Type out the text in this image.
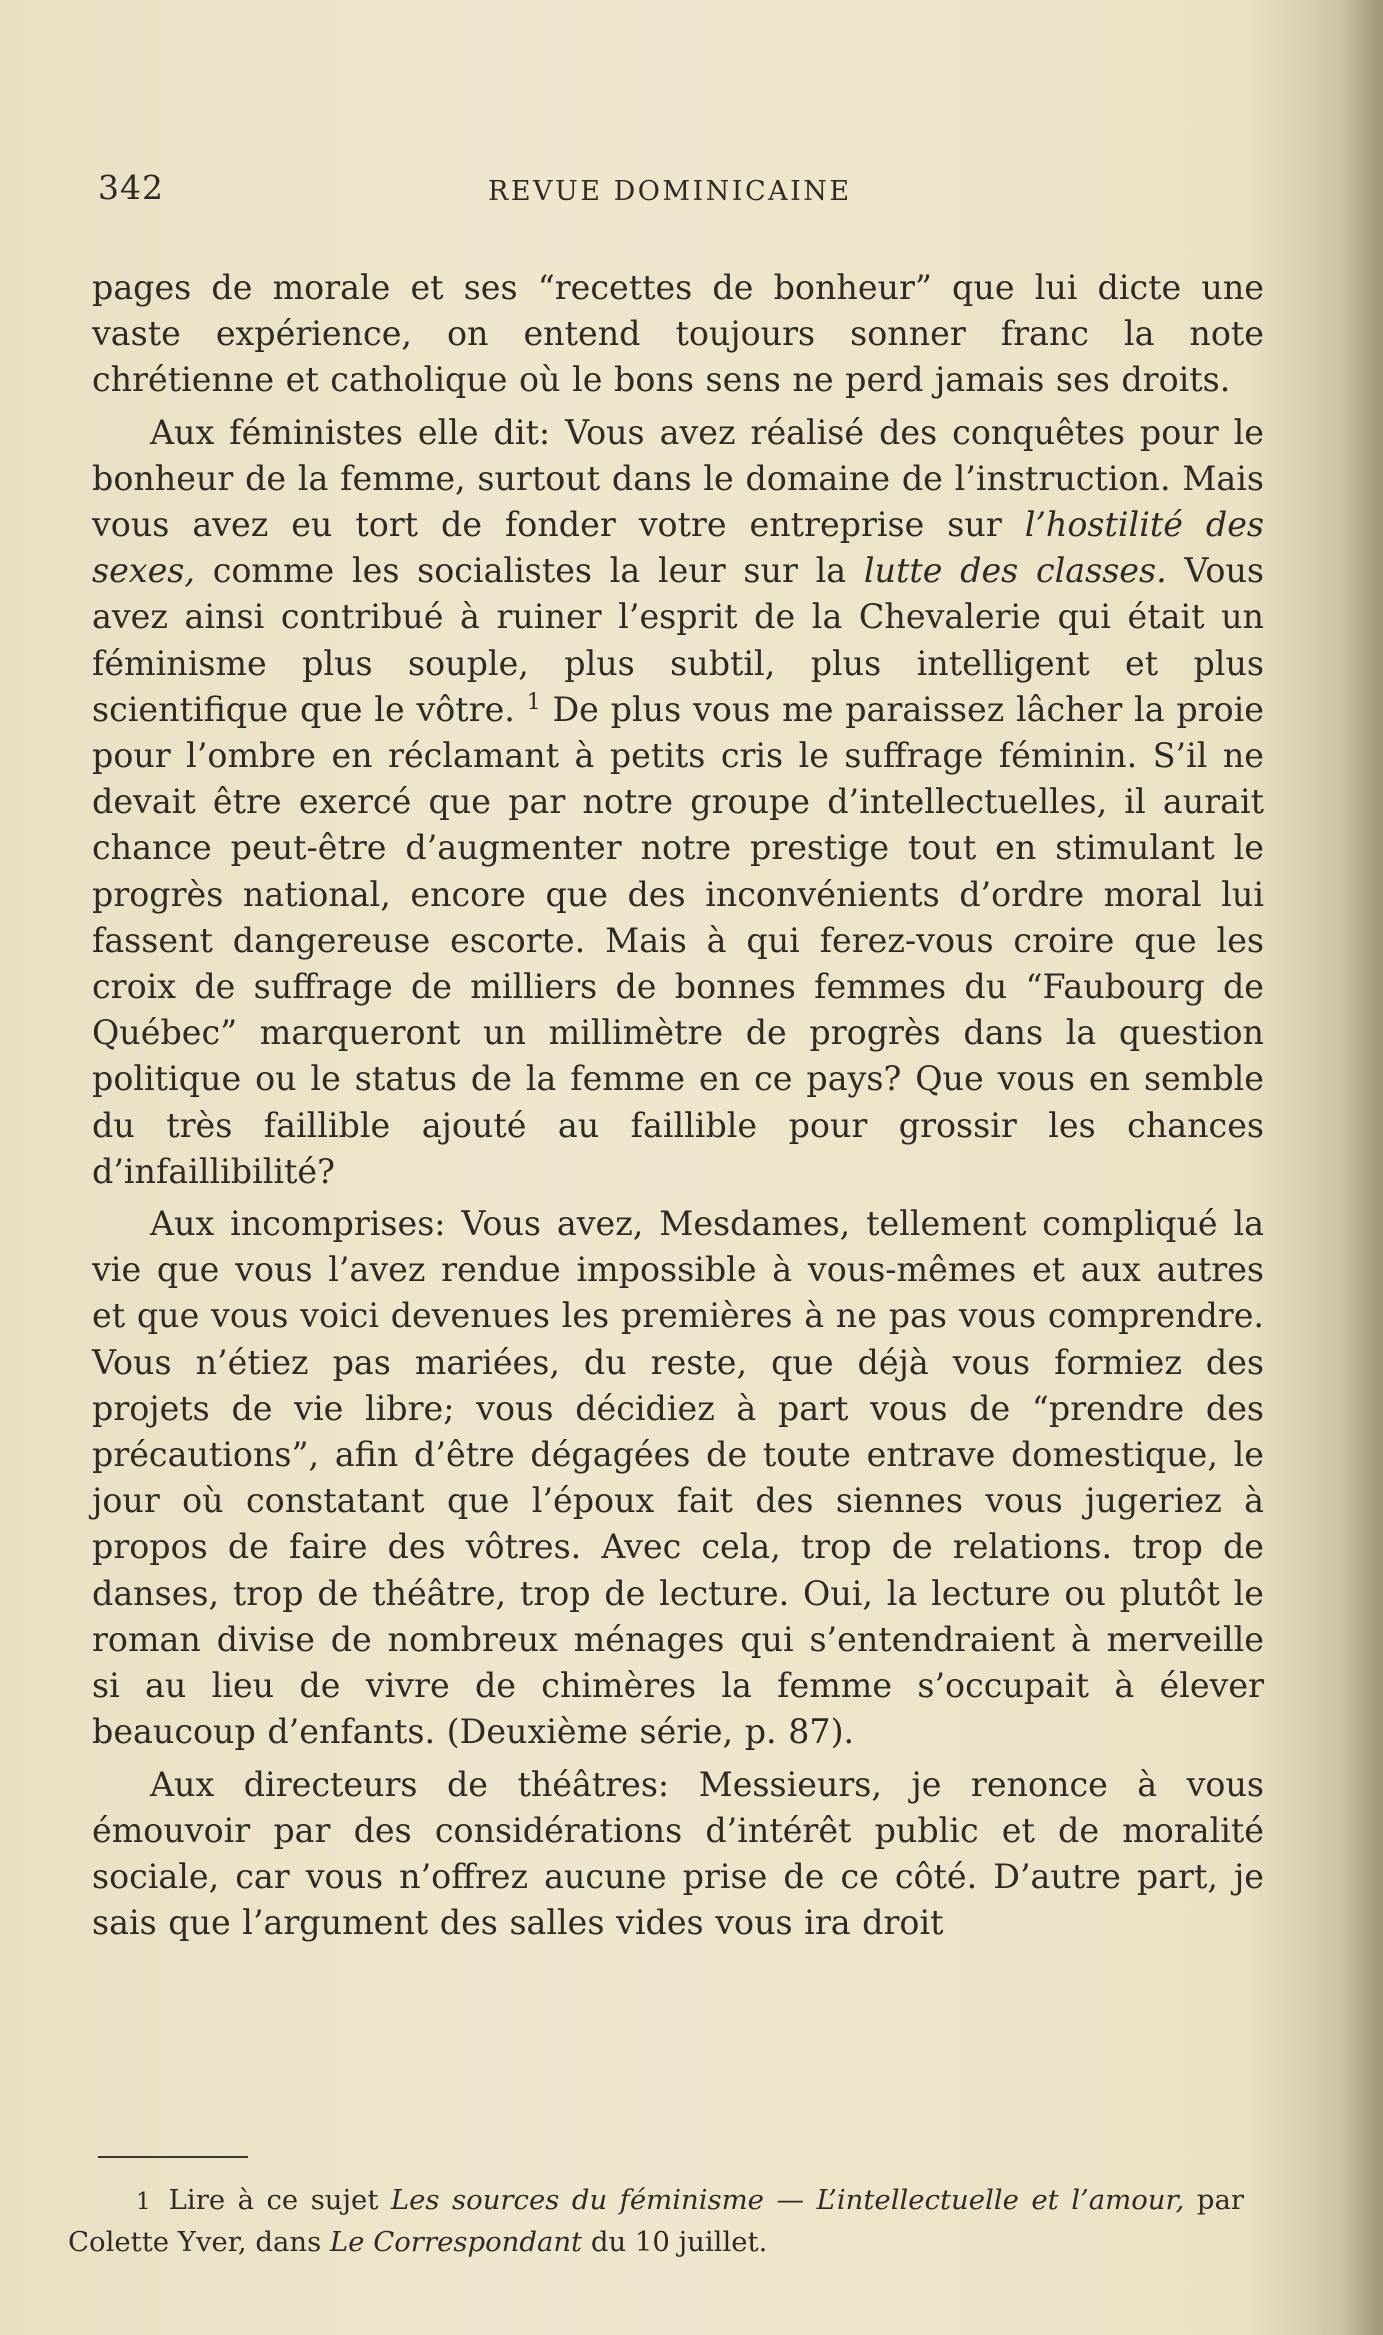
342	REVUE DOMINICAINE

pages de morale et ses “recettes de bonheur” que lui dicte une vaste expérience, on entend toujours sonner franc la note chrétienne et catholique où le bons sens ne perd jamais ses droits.

Aux féministes elle dit: Vous avez réalisé des conquêtes pour le bonheur de la femme, surtout dans le domaine de l’instruction. Mais vous avez eu tort de fonder votre entreprise sur l’hostilité des sexes, comme les socialistes la leur sur la lutte des classes. Vous avez ainsi contribué à ruiner l’esprit de la Chevalerie qui était un féminisme plus souple, plus subtil, plus intelligent et plus scientifique que le vôtre. $^1$ De plus vous me paraissez lâcher la proie pour l’ombre en réclamant à petits cris le suffrage féminin. S’il ne devait être exercé que par notre groupe d’intellectuelles, il aurait chance peut-être d’augmenter notre prestige tout en stimulant le progrès national, encore que des inconvénients d’ordre moral lui fassent dangereuse escorte. Mais à qui ferez-vous croire que les croix de suffrage de milliers de bonnes femmes du “Faubourg de Québec” marqueront un millimètre de progrès dans la question politique ou le status de la femme en ce pays? Que vous en semble du très faillible ajouté au faillible pour grossir les chances d’infaillibilité?

Aux incomprises: Vous avez, Mesdames, tellement compliqué la vie que vous l’avez rendue impossible à vous-mêmes et aux autres et que vous voici devenues les premières à ne pas vous comprendre. Vous n’étiez pas mariées, du reste, que déjà vous formiez des projets de vie libre; vous décidiez à part vous de “prendre des précautions”, afin d’être dégagées de toute entrave domestique, le jour où constatant que l’époux fait des siennes vous jugeriez à propos de faire des vôtres. Avec cela, trop de relations. trop de danses, trop de théâtre, trop de lecture. Oui, la lecture ou plutôt le roman divise de nombreux ménages qui s’entendraient à merveille si au lieu de vivre de chimères la femme s’occupait à élever beaucoup d’enfants. (Deuxième série, p. 87).

Aux directeurs de théâtres: Messieurs, je renonce à vous émouvoir par des considérations d’intérêt public et de moralité sociale, car vous n’offrez aucune prise de ce côté. D’autre part, je sais que l’argument des salles vides vous ira droit

1 Lire à ce sujet Les sources du féminisme — L’intellectuelle et l’amour, par Colette Yver, dans Le Correspondant du 10 juillet.
